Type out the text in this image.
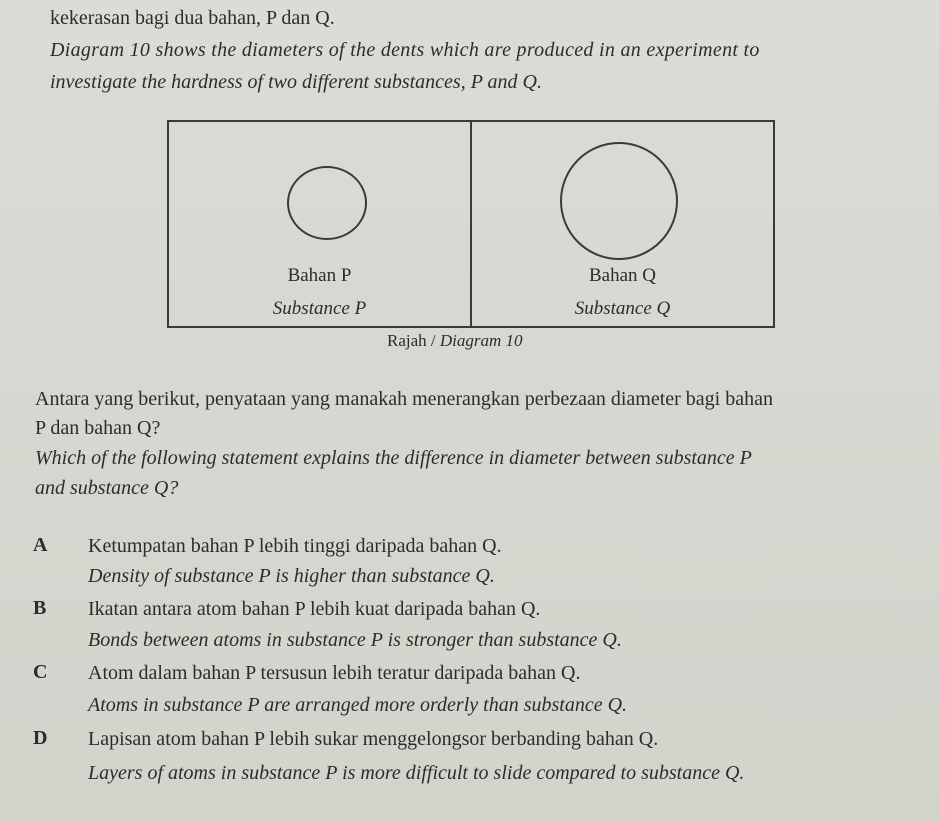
kekerasan bagi dua bahan, P dan Q.
Diagram 10 shows the diameters of the dents which are produced in an experiment to
investigate the hardness of two different substances, P and Q.
Bahan P
Substance P
Bahan Q
Substance Q
Rajah / Diagram 10
Antara yang berikut, penyataan yang manakah menerangkan perbezaan diameter bagi bahan
P dan bahan Q?
Which of the following statement explains the difference in diameter between substance P
and substance Q?
A Ketumpatan bahan P lebih tinggi daripada bahan Q.
Density of substance P is higher than substance Q.
B Ikatan antara atom bahan P lebih kuat daripada bahan Q.
Bonds between atoms in substance P is stronger than substance Q.
C Atom dalam bahan P tersusun lebih teratur daripada bahan Q.
Atoms in substance P are arranged more orderly than substance Q.
D Lapisan atom bahan P lebih sukar menggelongsor berbanding bahan Q.
Layers of atoms in substance P is more difficult to slide compared to substance Q.
